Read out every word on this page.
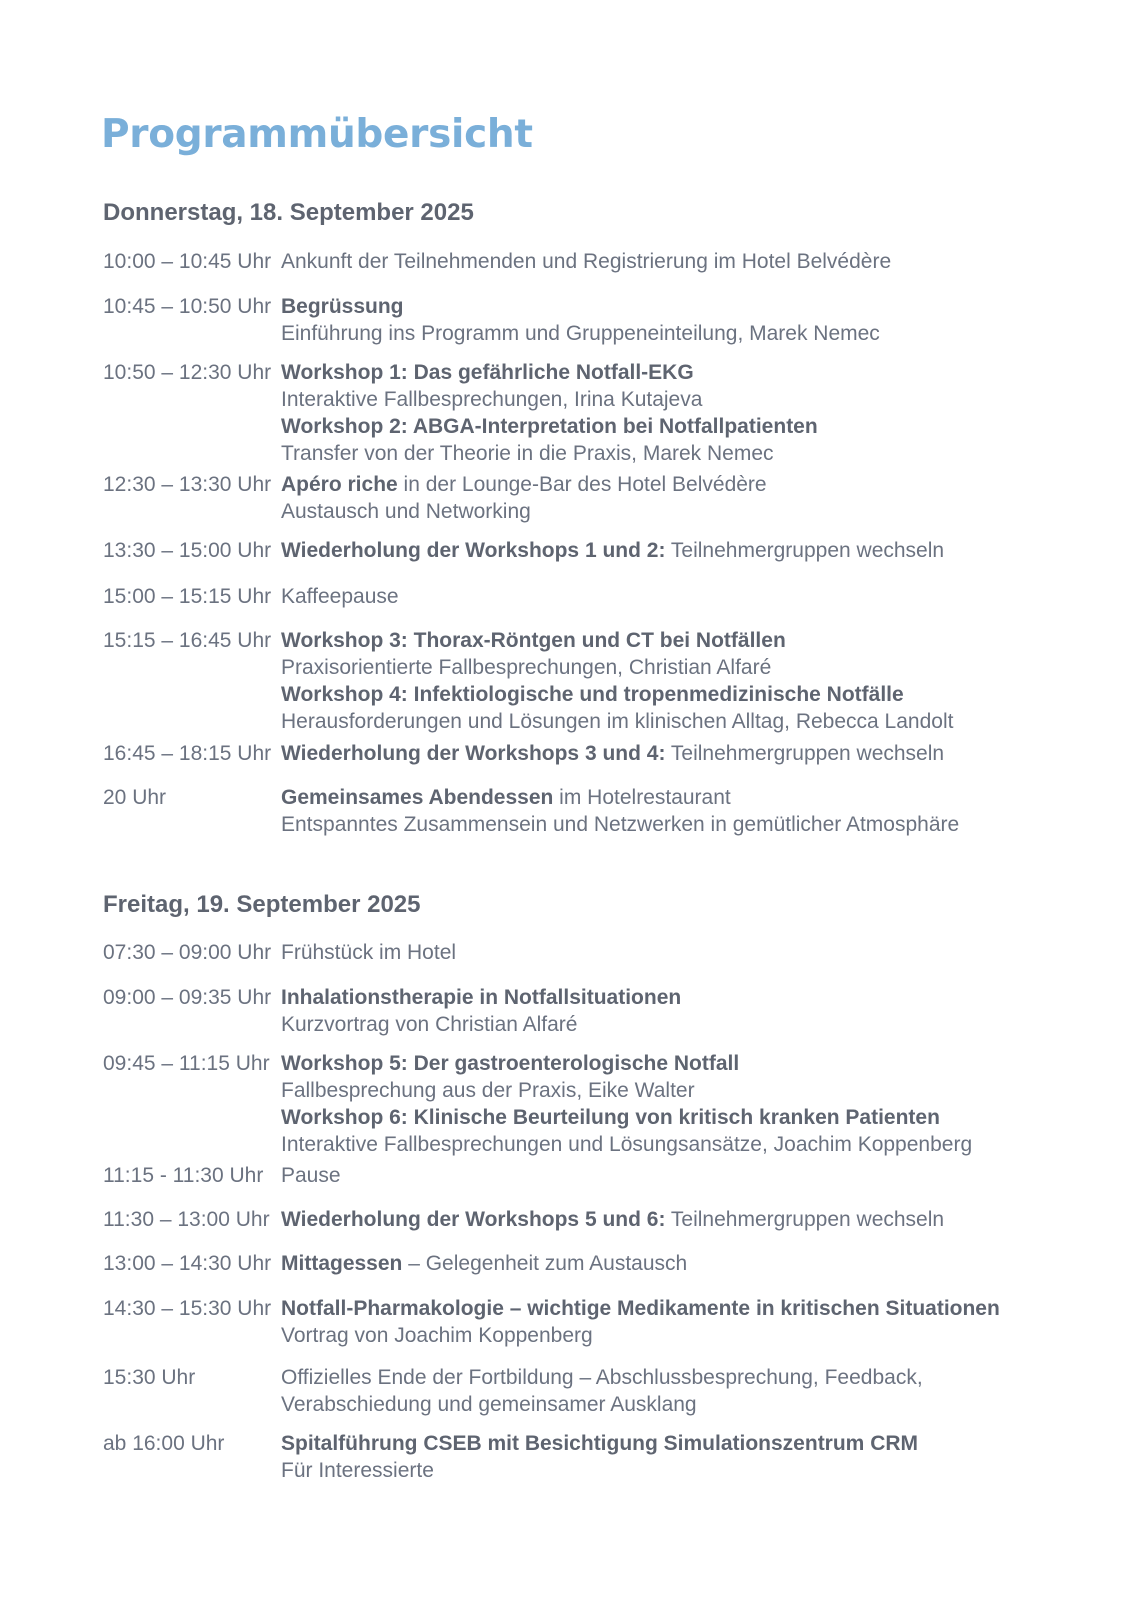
Programmübersicht
Donnerstag, 18. September 2025
10:00 – 10:45 Uhr Ankunft der Teilnehmenden und Registrierung im Hotel Belvédère
10:45 – 10:50 Uhr Begrüssung
Einführung ins Programm und Gruppeneinteilung, Marek Nemec
10:50 – 12:30 Uhr Workshop 1: Das gefährliche Notfall-EKG
Interaktive Fallbesprechungen, Irina Kutajeva
Workshop 2: ABGA-Interpretation bei Notfallpatienten
Transfer von der Theorie in die Praxis, Marek Nemec
12:30 – 13:30 Uhr Apéro riche in der Lounge-Bar des Hotel Belvédère
Austausch und Networking
13:30 – 15:00 Uhr Wiederholung der Workshops 1 und 2: Teilnehmergruppen wechseln
15:00 – 15:15 Uhr Kaffeepause
15:15 – 16:45 Uhr Workshop 3: Thorax-Röntgen und CT bei Notfällen
Praxisorientierte Fallbesprechungen, Christian Alfaré
Workshop 4: Infektiologische und tropenmedizinische Notfälle
Herausforderungen und Lösungen im klinischen Alltag, Rebecca Landolt
16:45 – 18:15 Uhr Wiederholung der Workshops 3 und 4: Teilnehmergruppen wechseln
20 Uhr	Gemeinsames Abendessen im Hotelrestaurant
Entspanntes Zusammensein und Netzwerken in gemütlicher Atmosphäre
Freitag, 19. September 2025
07:30 – 09:00 Uhr Frühstück im Hotel
09:00 – 09:35 Uhr Inhalationstherapie in Notfallsituationen
Kurzvortrag von Christian Alfaré
09:45 – 11:15 Uhr Workshop 5: Der gastroenterologische Notfall
Fallbesprechung aus der Praxis, Eike Walter
Workshop 6: Klinische Beurteilung von kritisch kranken Patienten
Interaktive Fallbesprechungen und Lösungsansätze, Joachim Koppenberg
11:15 - 11:30 Uhr Pause
11:30 – 13:00 Uhr Wiederholung der Workshops 5 und 6: Teilnehmergruppen wechseln
13:00 – 14:30 Uhr Mittagessen – Gelegenheit zum Austausch
14:30 – 15:30 Uhr Notfall-Pharmakologie – wichtige Medikamente in kritischen Situationen
Vortrag von Joachim Koppenberg
15:30 Uhr	Offizielles Ende der Fortbildung – Abschlussbesprechung, Feedback,
Verabschiedung und gemeinsamer Ausklang
ab 16:00 Uhr	Spitalführung CSEB mit Besichtigung Simulationszentrum CRM
Für Interessierte
